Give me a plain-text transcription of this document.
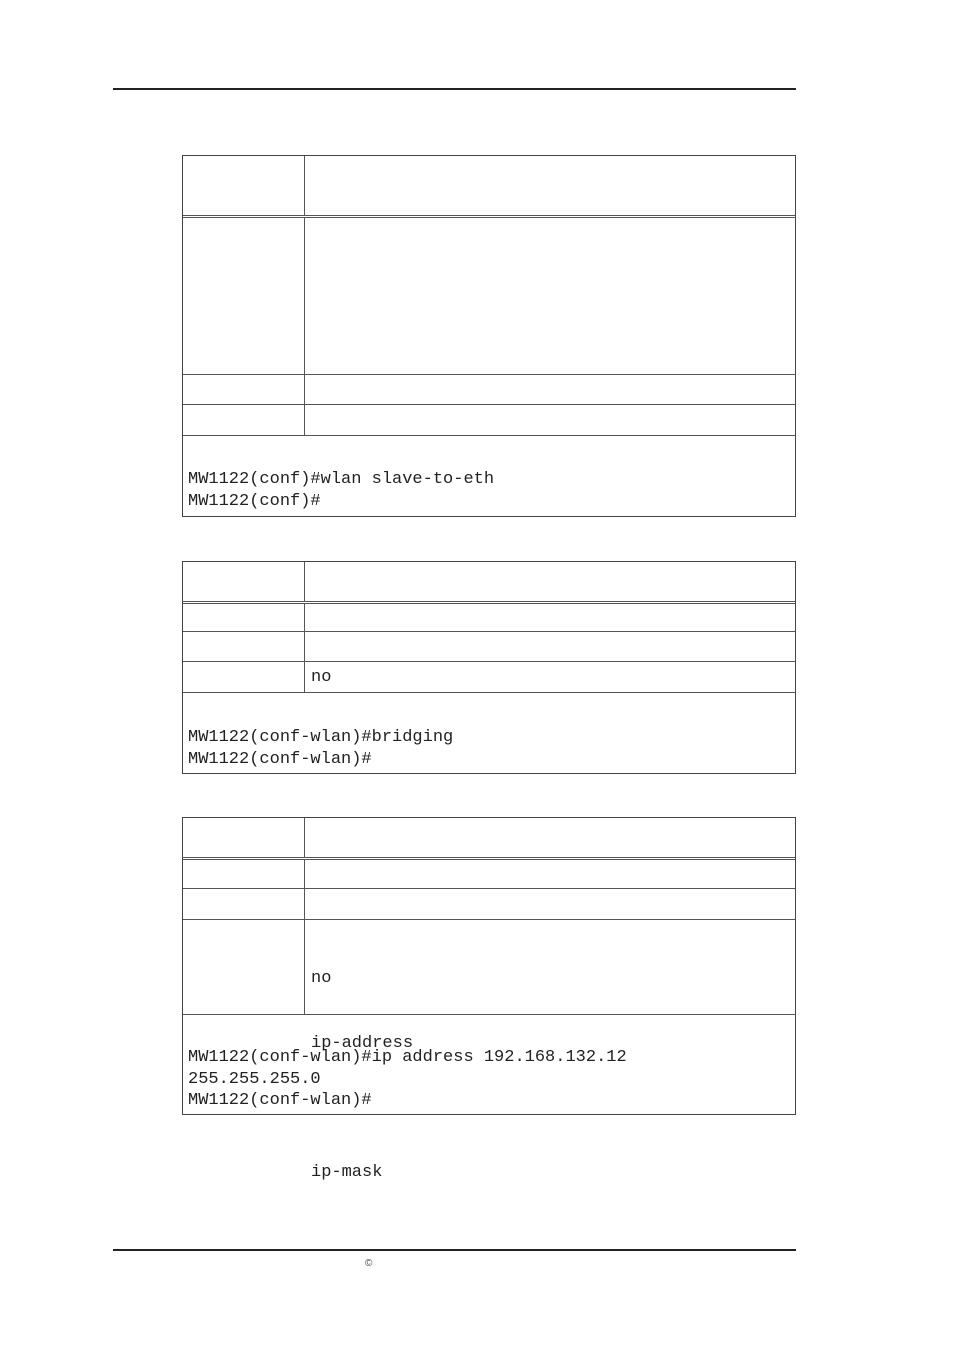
MW1122(conf)#wlan slave-to-eth
MW1122(conf)#
no
MW1122(conf-wlan)#bridging
MW1122(conf-wlan)#

no

ip-address

ip-mask

MW1122(conf-wlan)#ip address 192.168.132.12
255.255.255.0
MW1122(conf-wlan)#
©
